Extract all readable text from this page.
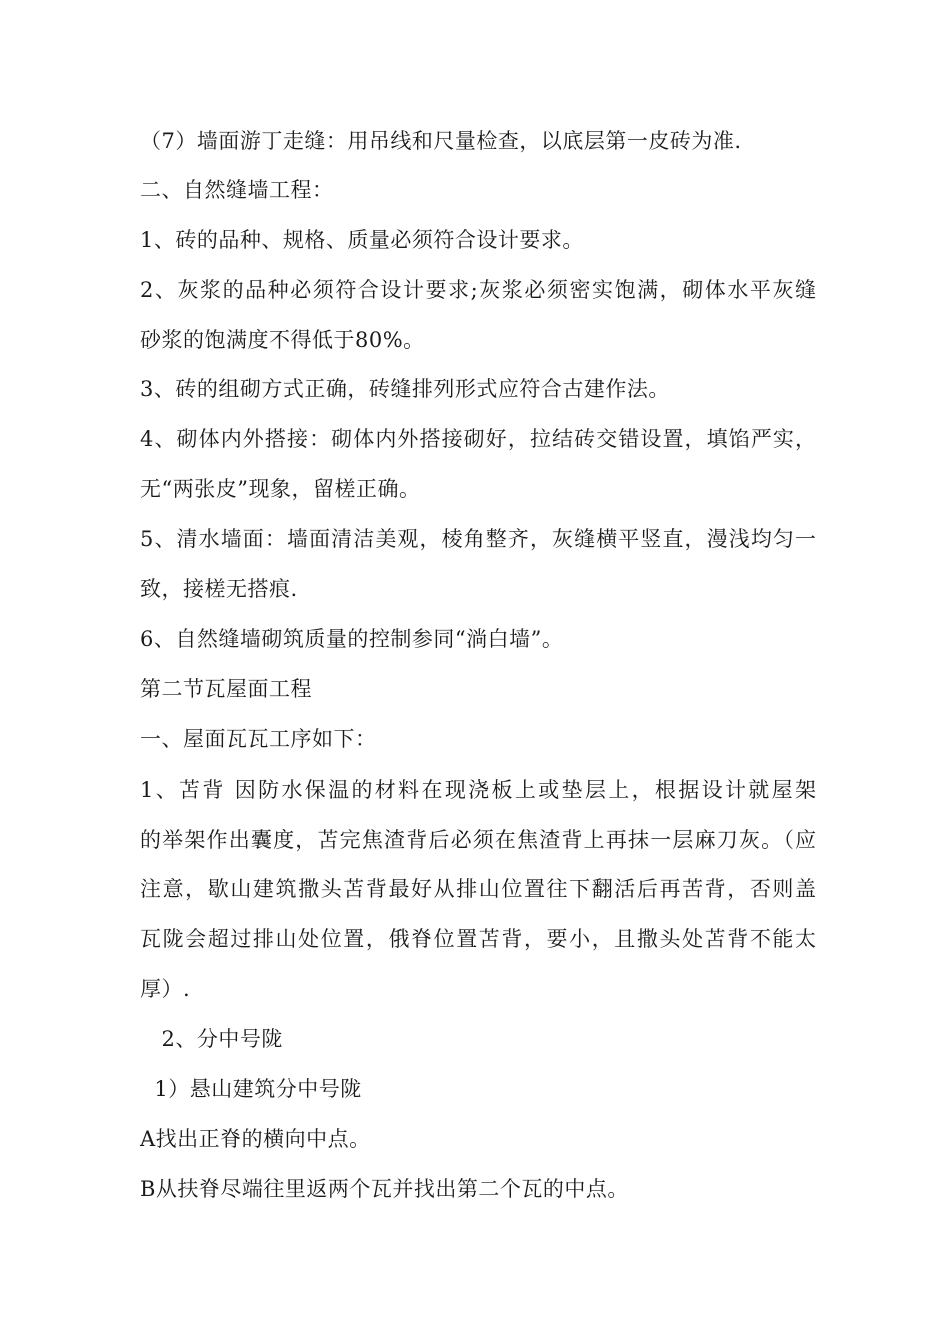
（7）墙面游丁走缝：用吊线和尺量检查，以底层第一皮砖为准.
二、自然缝墙工程：
1、砖的品种、规格、质量必须符合设计要求。
2、灰浆的品种必须符合设计要求;灰浆必须密实饱满，砌体水平灰缝
砂浆的饱满度不得低于80%。
3、砖的组砌方式正确，砖缝排列形式应符合古建作法。
4、砌体内外搭接：砌体内外搭接砌好，拉结砖交错设置，填馅严实，
无“两张皮”现象，留槎正确。
5、清水墙面：墙面清洁美观，棱角整齐，灰缝横平竖直，漫浅均匀一
致，接槎无搭痕.
6、自然缝墙砌筑质量的控制参同“淌白墙”。
第二节瓦屋面工程
一、屋面瓦瓦工序如下：
1、苫背 因防水保温的材料在现浇板上或垫层上，根据设计就屋架
的举架作出囊度，苫完焦渣背后必须在焦渣背上再抹一层麻刀灰。（应
注意，歇山建筑撒头苫背最好从排山位置往下翻活后再苦背，否则盖
瓦陇会超过排山处位置，俄脊位置苫背，要小，且撒头处苫背不能太
厚）.
2、分中号陇
1）悬山建筑分中号陇
A找出正脊的横向中点。
B从扶脊尽端往里返两个瓦并找出第二个瓦的中点。
